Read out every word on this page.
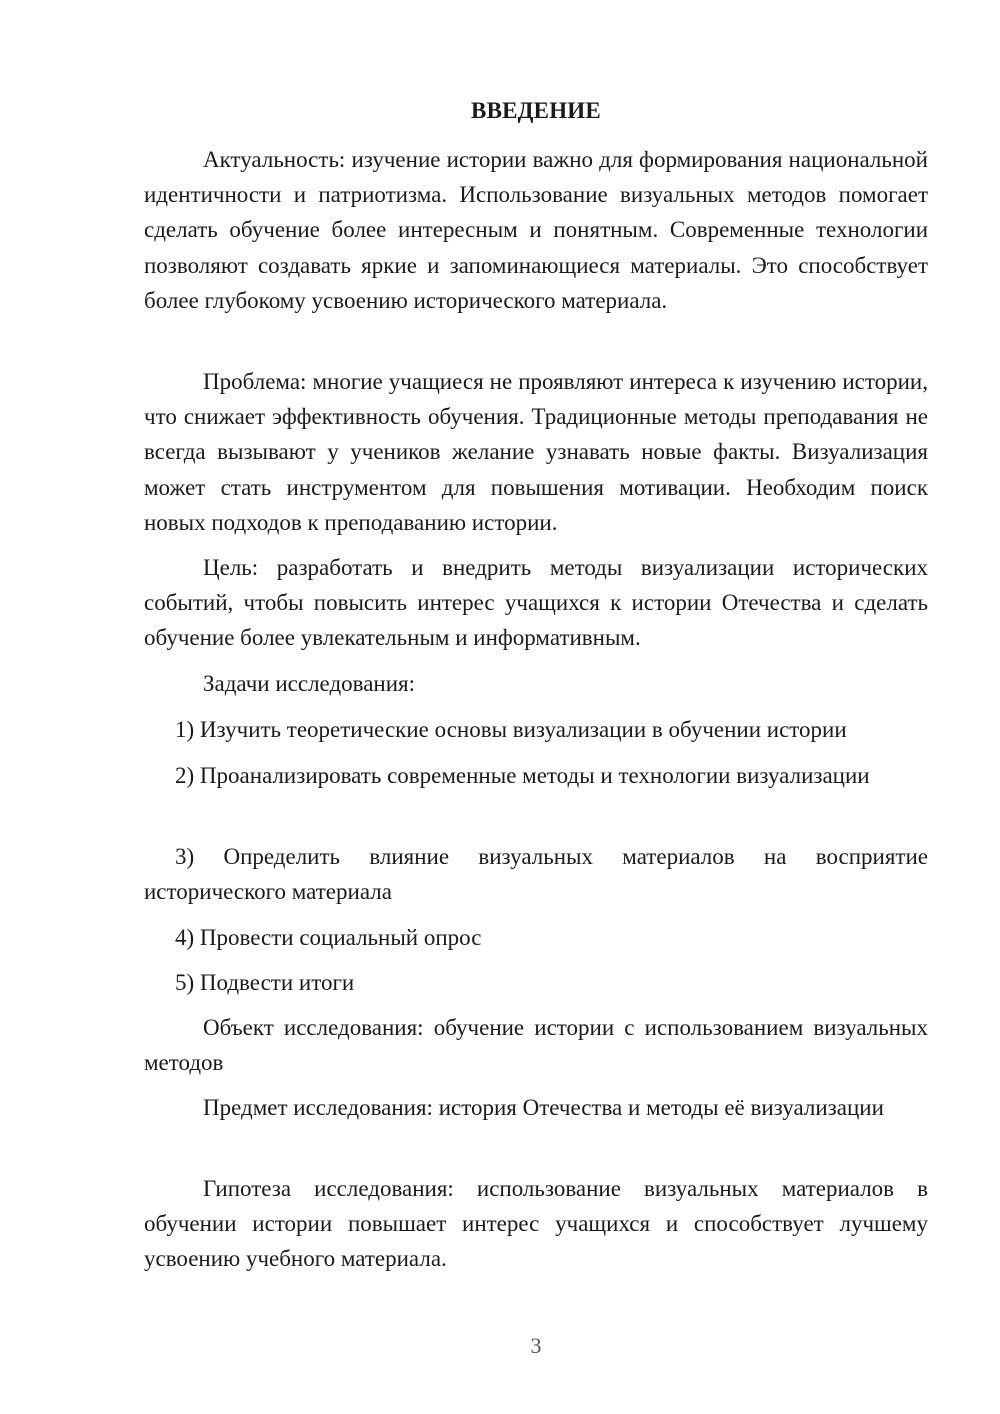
ВВЕДЕНИЕ

Актуальность: изучение истории важно для формирования национальной идентичности и патриотизма. Использование визуальных методов помогает сделать обучение более интересным и понятным. Современные технологии позволяют создавать яркие и запоминающиеся материалы. Это способствует более глубокому усвоению исторического материала.

Проблема: многие учащиеся не проявляют интереса к изучению истории, что снижает эффективность обучения. Традиционные методы преподавания не всегда вызывают у учеников желание узнавать новые факты. Визуализация может стать инструментом для повышения мотивации. Необходим поиск новых подходов к преподаванию истории.

Цель: разработать и внедрить методы визуализации исторических событий, чтобы повысить интерес учащихся к истории Отечества и сделать обучение более увлекательным и информативным.

Задачи исследования:

1) Изучить теоретические основы визуализации в обучении истории

2) Проанализировать современные методы и технологии визуализации

3) Определить влияние визуальных материалов на восприятие исторического материала

4) Провести социальный опрос

5) Подвести итоги

Объект исследования: обучение истории с использованием визуальных методов

Предмет исследования: история Отечества и методы её визуализации

Гипотеза исследования: использование визуальных материалов в обучении истории повышает интерес учащихся и способствует лучшему усвоению учебного материала.

3
